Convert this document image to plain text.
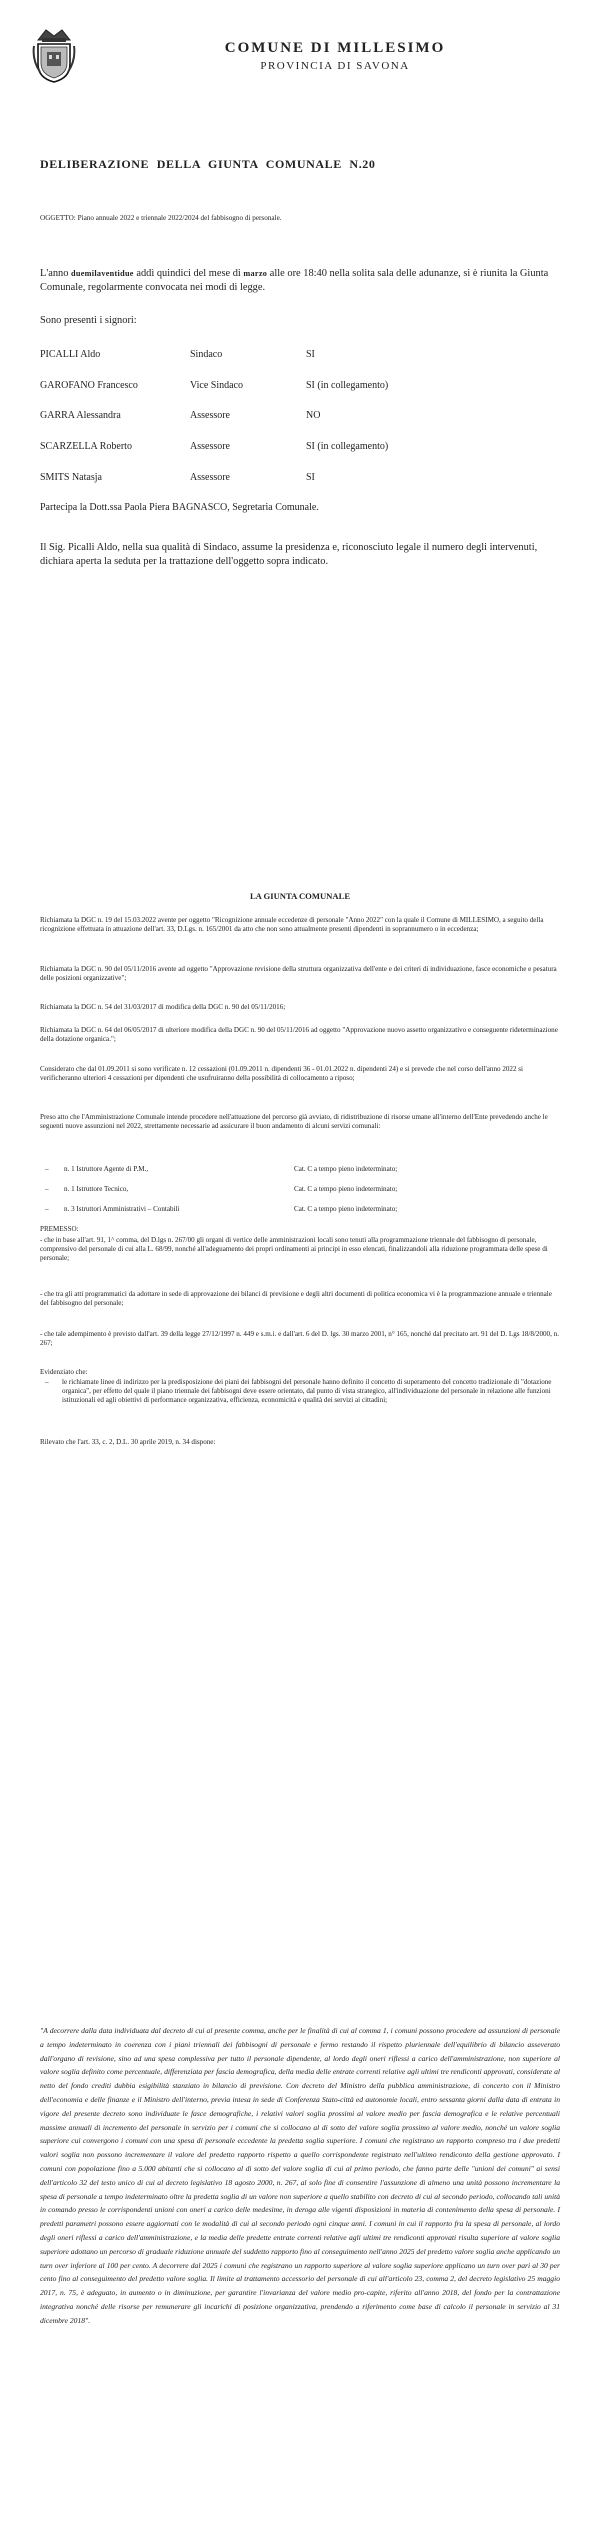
COMUNE DI MILLESIMO
PROVINCIA DI SAVONA
DELIBERAZIONE DELLA GIUNTA COMUNALE N.20
OGGETTO: Piano annuale 2022 e triennale 2022/2024 del fabbisogno di personale.
L'anno duemilaventidue addì quindici del mese di marzo alle ore 18:40 nella solita sala delle adunanze, si è riunita la Giunta Comunale, regolarmente convocata nei modi di legge.
Sono presenti i signori:
PICALLI Aldo	Sindaco	SI
GAROFANO Francesco	Vice Sindaco	SI (in collegamento)
GARRA Alessandra	Assessore	NO
SCARZELLA Roberto	Assessore	SI (in collegamento)
SMITS Natasja	Assessore	SI
Partecipa la Dott.ssa Paola Piera BAGNASCO, Segretaria Comunale.
Il Sig. Picalli Aldo, nella sua qualità di Sindaco, assume la presidenza e, riconosciuto legale il numero degli intervenuti, dichiara aperta la seduta per la trattazione dell'oggetto sopra indicato.
LA GIUNTA COMUNALE
Richiamata la DGC n. 19 del 15.03.2022 avente per oggetto "Ricognizione annuale eccedenze di personale "Anno 2022" con la quale il Comune di MILLESIMO, a seguito della ricognizione effettuata in attuazione dell'art. 33, D.Lgs. n. 165/2001 da atto che non sono attualmente presenti dipendenti in soprannumero o in eccedenza;
Richiamata la DGC n. 90 del 05/11/2016 avente ad oggetto "Approvazione revisione della struttura organizzativa dell'ente e dei criteri di individuazione, fasce economiche e pesatura delle posizioni organizzative";
Richiamata la DGC n. 54 del 31/03/2017 di modifica della DGC n. 90 del 05/11/2016;
Richiamata la DGC n. 64 del 06/05/2017 di ulteriore modifica della DGC n. 90 del 05/11/2016 ad oggetto "Approvazione nuovo assetto organizzativo e conseguente rideterminazione della dotazione organica.";
Considerato che dal 01.09.2011 si sono verificate n. 12 cessazioni (01.09.2011 n. dipendenti 36 - 01.01.2022 n. dipendenti 24) e si prevede che nel corso dell'anno 2022 si verificheranno ulteriori 4 cessazioni per dipendenti che usufruiranno della possibilità di collocamento a riposo;
Preso atto che l'Amministrazione Comunale intende procedere nell'attuazione del percorso già avviato, di ridistribuzione di risorse umane all'interno dell'Ente prevedendo anche le seguenti nuove assunzioni nel 2022, strettamente necessarie ad assicurare il buon andamento di alcuni servizi comunali:
– n. 1 Istruttore Agente di P.M.,	Cat. C a tempo pieno indeterminato;
– n. 1 Istruttore Tecnico,	Cat. C a tempo pieno indeterminato;
– n. 3 Istruttori Amministrativi – Contabili	Cat. C a tempo pieno indeterminato;
PREMESSO:
- che in base all'art. 91, 1^ comma, del D.lgs n. 267/00 gli organi di vertice delle amministrazioni locali sono tenuti alla programmazione triennale del fabbisogno di personale, comprensivo del personale di cui alla L. 68/99, nonché all'adeguamento dei propri ordinamenti ai principi in esso elencati, finalizzandoli alla riduzione programmata delle spese di personale;
- che tra gli atti programmatici da adottare in sede di approvazione dei bilanci di previsione e degli altri documenti di politica economica vi è la programmazione annuale e triennale del fabbisogno del personale;
- che tale adempimento è previsto dall'art. 39 della legge 27/12/1997 n. 449 e s.m.i. e dall'art. 6 del D. lgs. 30 marzo 2001, n° 165, nonché dal precitato art. 91 del D. Lgs 18/8/2000, n. 267;
Evidenziato che:
–	le richiamate linee di indirizzo per la predisposizione dei piani dei fabbisogni del personale hanno definito il concetto di superamento del concetto tradizionale di "dotazione organica", per effetto del quale il piano triennale dei fabbisogni deve essere orientato, dal punto di vista strategico, all'individuazione del personale in relazione alle funzioni istituzionali ed agli obiettivi di performance organizzativa, efficienza, economicità e qualità dei servizi ai cittadini;
Rilevato che l'art. 33, c. 2, D.L. 30 aprile 2019, n. 34 dispone:
"A decorrere dalla data individuata dal decreto di cui al presente comma, anche per le finalità di cui al comma 1, i comuni possono procedere ad assunzioni di personale a tempo indeterminato in coerenza con i piani triennali dei fabbisogni di personale e fermo restando il rispetto pluriennale dell'equilibrio di bilancio asseverato dall'organo di revisione, sino ad una spesa complessiva per tutto il personale dipendente, al lordo degli oneri riflessi a carico dell'amministrazione, non superiore al valore soglia definito come percentuale, differenziata per fascia demografica, della media delle entrate correnti relative agli ultimi tre rendiconti approvati, considerate al netto del fondo crediti dubbia esigibilità stanziato in bilancio di previsione. Con decreto del Ministro della pubblica amministrazione, di concerto con il Ministro dell'economia e delle finanze e il Ministro dell'interno, previa intesa in sede di Conferenza Stato-città ed autonomie locali, entro sessanta giorni dalla data di entrata in vigore del presente decreto sono individuate le fasce demografiche, i relativi valori soglia prossimi al valore medio per fascia demografica e le relative percentuali massime annuali di incremento del personale in servizio per i comuni che si collocano al di sotto del valore soglia prossimo al valore medio, nonché un valore soglia superiore cui convergono i comuni con una spesa di personale eccedente la predetta soglia superiore. I comuni che registrano un rapporto compreso tra i due predetti valori soglia non possono incrementare il valore del predetto rapporto rispetto a quello corrispondente registrato nell'ultimo rendiconto della gestione approvato. I comuni con popolazione fino a 5.000 abitanti che si collocano al di sotto del valore soglia di cui al primo periodo, che fanno parte delle "unioni dei comuni" ai sensi dell'articolo 32 del testo unico di cui al decreto legislativo 18 agosto 2000, n. 267, al solo fine di consentire l'assunzione di almeno una unità possono incrementare la spesa di personale a tempo indeterminato oltre la predetta soglia di un valore non superiore a quello stabilito con decreto di cui al secondo periodo, collocando tali unità in comando presso le corrispondenti unioni con oneri a carico delle medesime, in deroga alle vigenti disposizioni in materia di contenimento della spesa di personale. I predetti parametri possono essere aggiornati con le modalità di cui al secondo periodo ogni cinque anni. I comuni in cui il rapporto fra la spesa di personale, al lordo degli oneri riflessi a carico dell'amministrazione, e la media delle predette entrate correnti relative agli ultimi tre rendiconti approvati risulta superiore al valore soglia superiore adottano un percorso di graduale riduzione annuale del suddetto rapporto fino al conseguimento nell'anno 2025 del predetto valore soglia anche applicando un turn over inferiore al 100 per cento. A decorrere dal 2025 i comuni che registrano un rapporto superiore al valore soglia superiore applicano un turn over pari al 30 per cento fino al conseguimento del predetto valore soglia. Il limite al trattamento accessorio del personale di cui all'articolo 23, comma 2, del decreto legislativo 25 maggio 2017, n. 75, è adeguato, in aumento o in diminuzione, per garantire l'invarianza del valore medio pro-capite, riferito all'anno 2018, del fondo per la contrattazione integrativa nonché delle risorse per remunerare gli incarichi di posizione organizzativa, prendendo a riferimento come base di calcolo il personale in servizio al 31 dicembre 2018".
